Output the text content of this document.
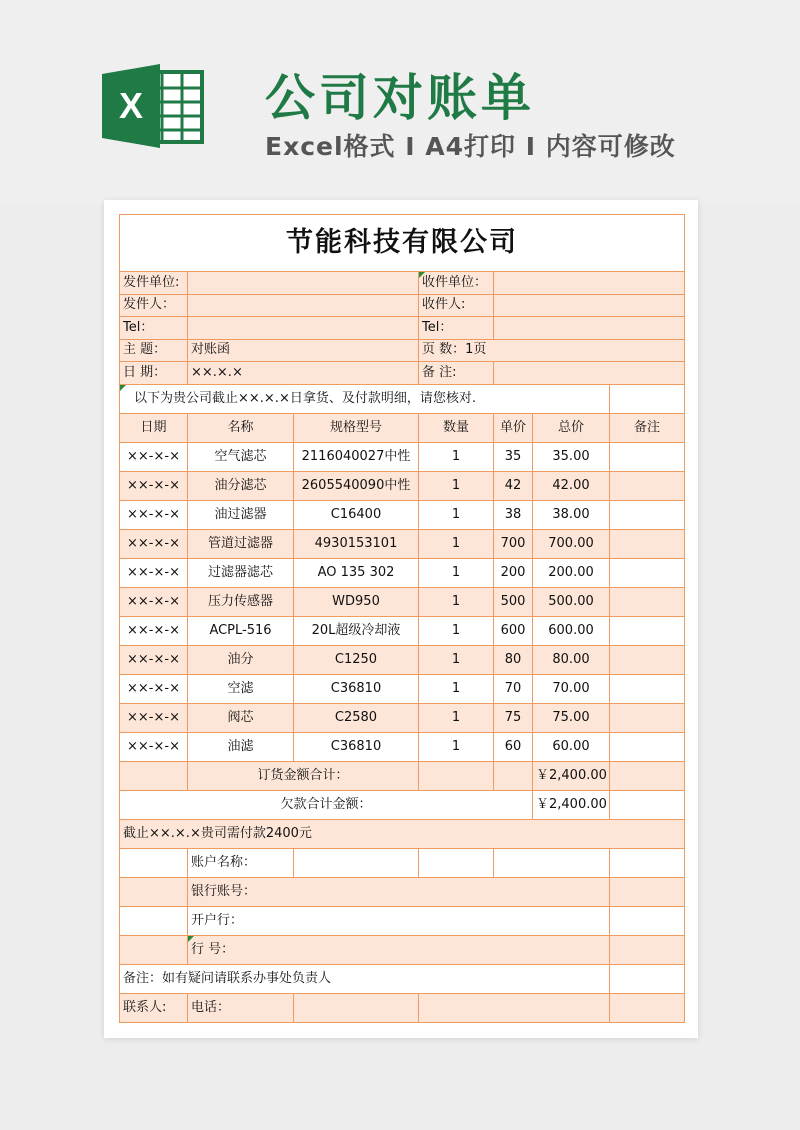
X 公司对账单
Excel格式 I A4打印 I 内容可修改
节能科技有限公司						
发件单位:			收件单位：			
发件人：			收件人:			
Tel：			Tel：			
主 题：	对账函		页 数：1页			
日 期：	××.×.×		备 注:			
以下为贵公司截止××.×.×日拿货、及付款明细，请您核对.						
日期	名称	规格型号	数量	单价	总价	备注
××-×-×	空气滤芯	2116040027中性	1	35	35.00	
××-×-×	油分滤芯	2605540090中性	1	42	42.00	
××-×-×	油过滤器	C16400	1	38	38.00	
××-×-×	管道过滤器	4930153101	1	700	700.00	
××-×-×	过滤器滤芯	AO 135 302	1	200	200.00	
××-×-×	压力传感器	WD950	1	500	500.00	
××-×-×	ACPL-516	20L超级冷却液	1	600	600.00	
××-×-×	油分	C1250	1	80	80.00	
××-×-×	空滤	C36810	1	70	70.00	
××-×-×	阀芯	C2580	1	75	75.00	
××-×-×	油滤	C36810	1	60	60.00	
	订货金额合计：				￥2,400.00	
欠款合计金额：					￥2,400.00	
截止××.×.×贵司需付款2400元						
	账户名称：					
	银行账号：					
	开户行：					
	行 号：					
备注：如有疑问请联系办事处负责人						
联系人:	电话：					
